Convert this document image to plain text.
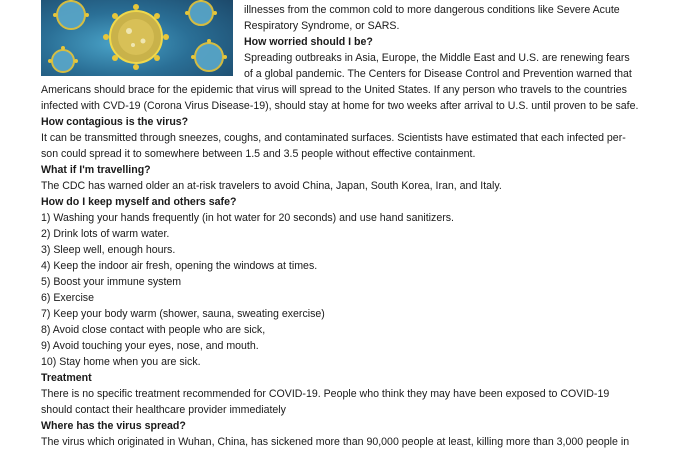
illnesses from the common cold to more dangerous conditions like Severe Acute

Respiratory Syndrome, or SARS.

How worried should I be?

Spreading outbreaks in Asia, Europe, the Middle East and U.S. are renewing fears

of a global pandemic. The Centers for Disease Control and Prevention warned that

Americans should brace for the epidemic that virus will spread to the United States. If any person who travels to the countries

infected with CVD-19 (Corona Virus Disease-19), should stay at home for two weeks after arrival to U.S. until proven to be safe.

How contagious is the virus?

It can be transmitted through sneezes, coughs, and contaminated surfaces. Scientists have estimated that each infected per-

son could spread it to somewhere between 1.5 and 3.5 people without effective containment.

What if I'm travelling?

The CDC has warned older an at-risk travelers to avoid China, Japan, South Korea, Iran, and Italy.

How do I keep myself and others safe?

1) Washing your hands frequently (in hot water for 20 seconds) and use hand sanitizers.

2) Drink lots of warm water.

3) Sleep well, enough hours.

4) Keep the indoor air fresh, opening the windows at times.

5) Boost your immune system

6) Exercise

7) Keep your body warm (shower, sauna, sweating exercise)

8) Avoid close contact with people who are sick,

9) Avoid touching your eyes, nose, and mouth.

10) Stay home when you are sick.

Treatment

There is no specific treatment recommended for COVID-19. People who think they may have been exposed to COVID-19

should contact their healthcare provider immediately

Where has the virus spread?

The virus which originated in Wuhan, China, has sickened more than 90,000 people at least, killing more than 3,000 people in
